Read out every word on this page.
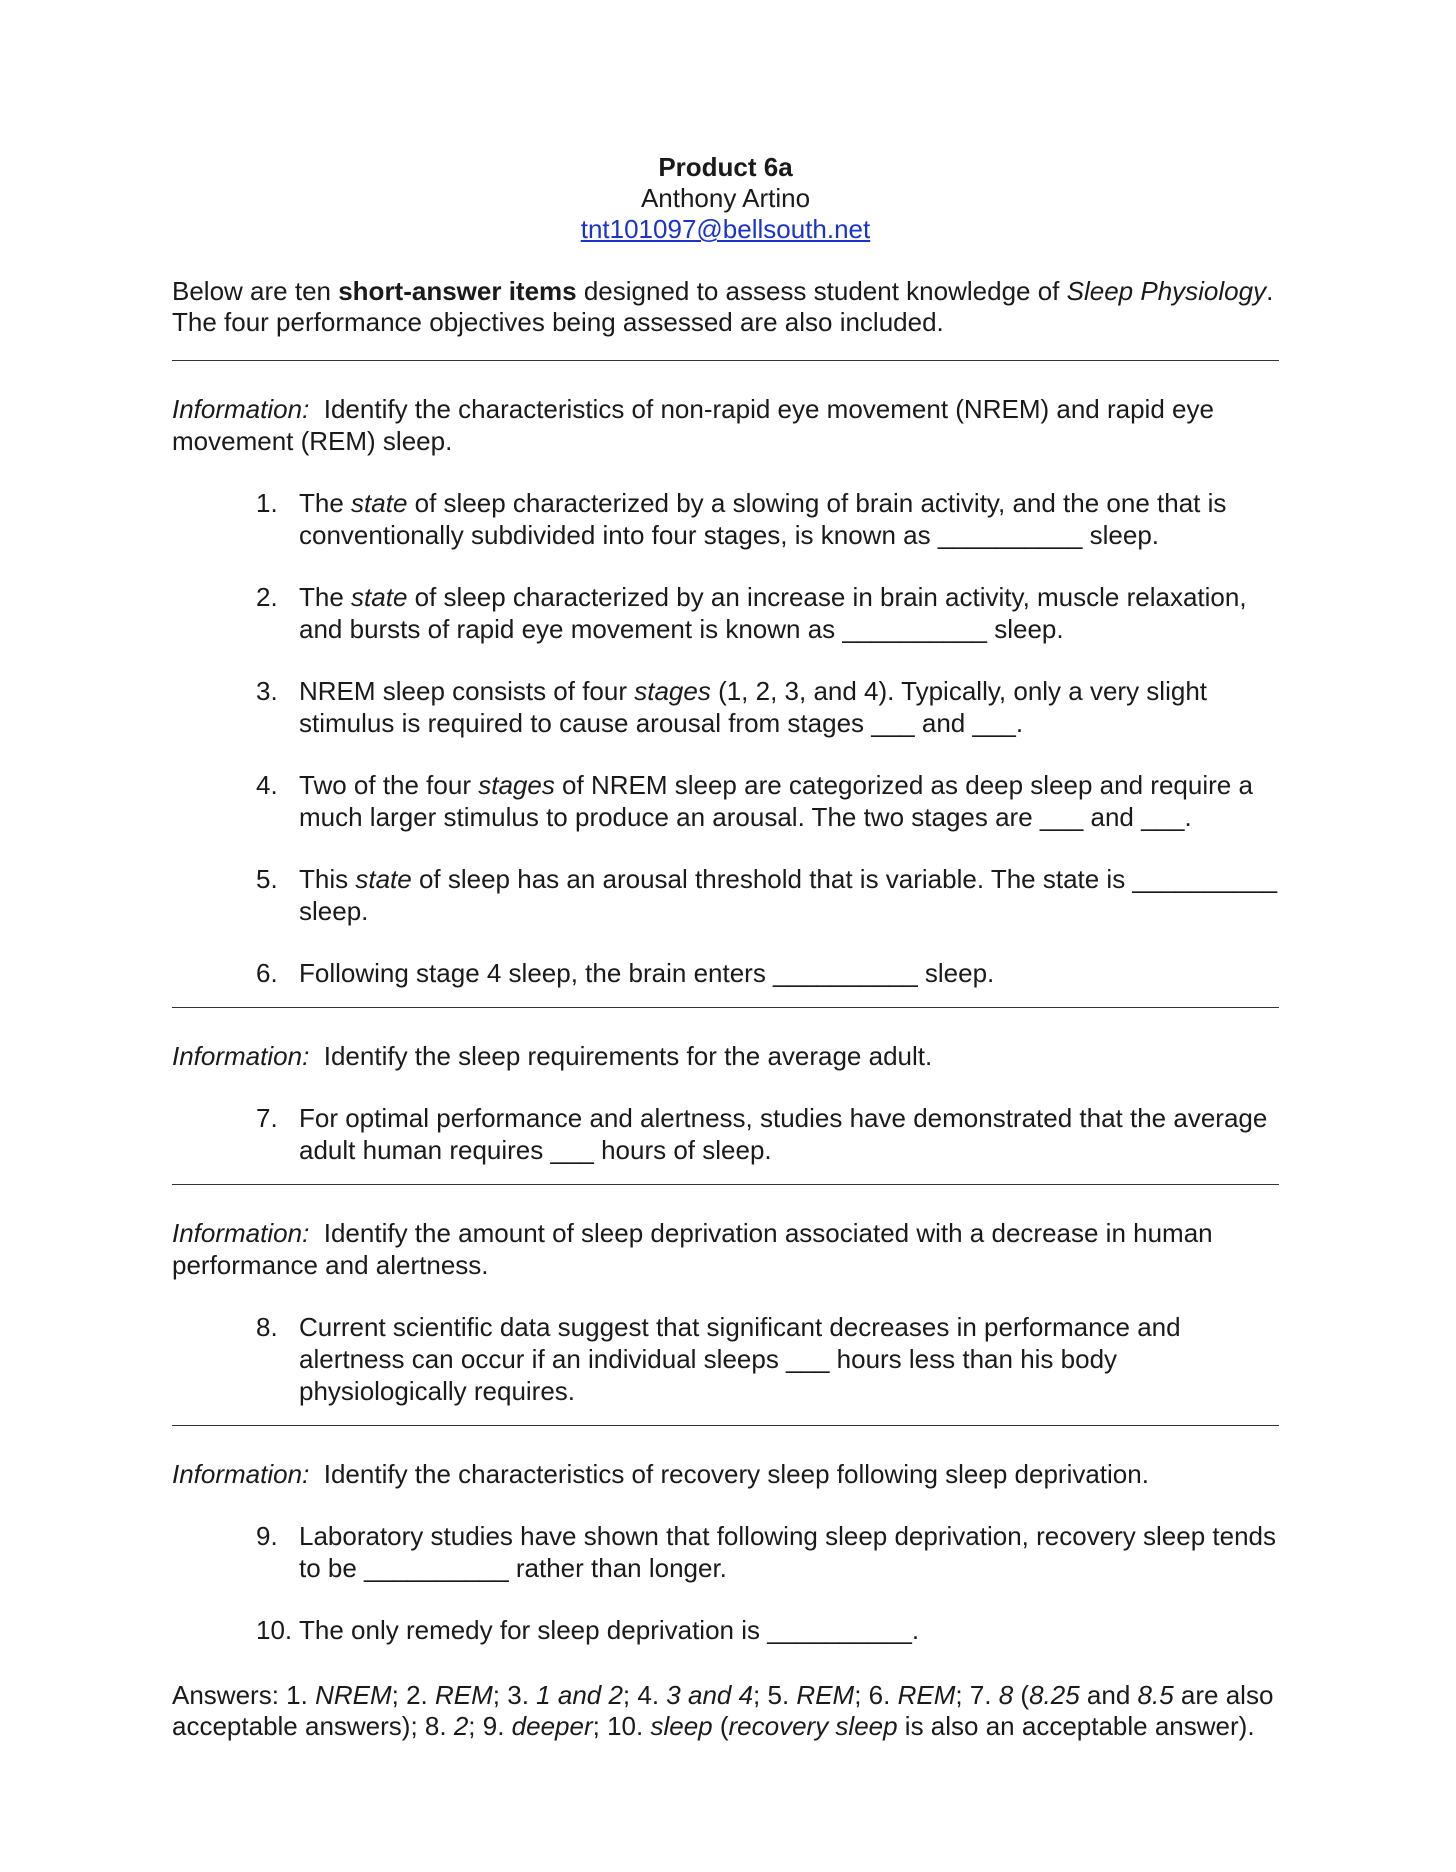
Product 6a
Anthony Artino
tnt101097@bellsouth.net
Below are ten short-answer items designed to assess student knowledge of Sleep Physiology. The four performance objectives being assessed are also included.
Information: Identify the characteristics of non-rapid eye movement (NREM) and rapid eye movement (REM) sleep.
1. The state of sleep characterized by a slowing of brain activity, and the one that is conventionally subdivided into four stages, is known as __________ sleep.
2. The state of sleep characterized by an increase in brain activity, muscle relaxation, and bursts of rapid eye movement is known as __________ sleep.
3. NREM sleep consists of four stages (1, 2, 3, and 4). Typically, only a very slight stimulus is required to cause arousal from stages ___ and ___.
4. Two of the four stages of NREM sleep are categorized as deep sleep and require a much larger stimulus to produce an arousal. The two stages are ___ and ___.
5. This state of sleep has an arousal threshold that is variable. The state is __________ sleep.
6. Following stage 4 sleep, the brain enters __________ sleep.
Information: Identify the sleep requirements for the average adult.
7. For optimal performance and alertness, studies have demonstrated that the average adult human requires ___ hours of sleep.
Information: Identify the amount of sleep deprivation associated with a decrease in human performance and alertness.
8. Current scientific data suggest that significant decreases in performance and alertness can occur if an individual sleeps ___ hours less than his body physiologically requires.
Information: Identify the characteristics of recovery sleep following sleep deprivation.
9. Laboratory studies have shown that following sleep deprivation, recovery sleep tends to be __________ rather than longer.
10. The only remedy for sleep deprivation is __________.
Answers: 1. NREM; 2. REM; 3. 1 and 2; 4. 3 and 4; 5. REM; 6. REM; 7. 8 (8.25 and 8.5 are also acceptable answers); 8. 2; 9. deeper; 10. sleep (recovery sleep is also an acceptable answer).
